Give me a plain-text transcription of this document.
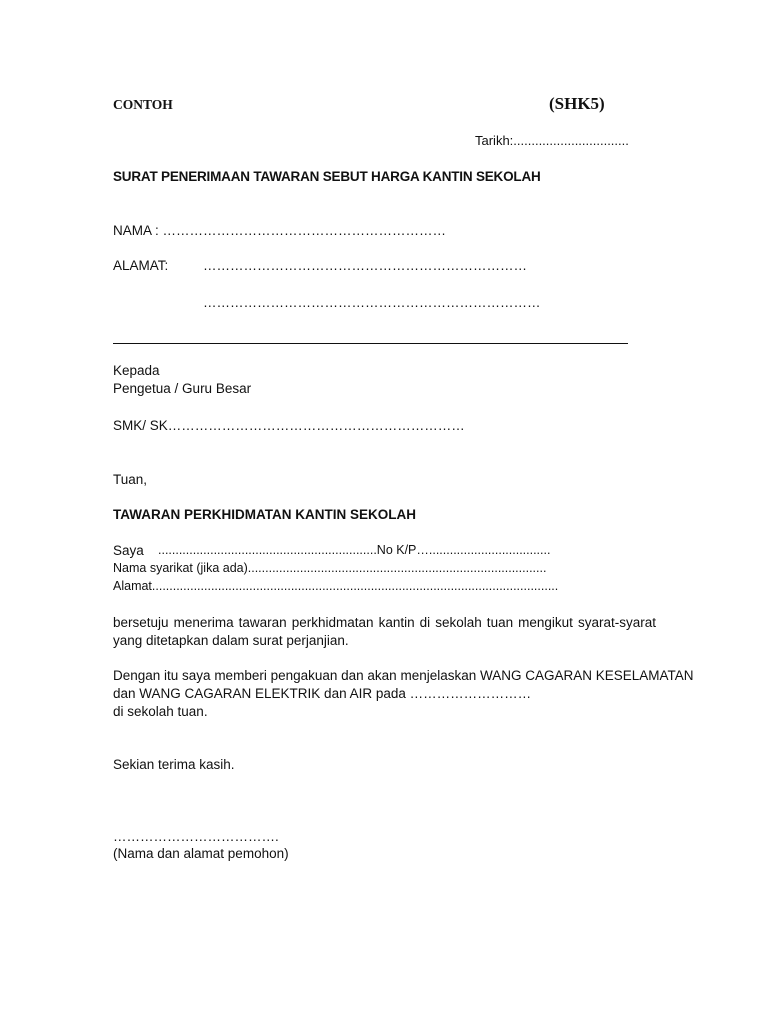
CONTOH	(SHK5)
Tarikh:................................
SURAT PENERIMAAN TAWARAN SEBUT HARGA KANTIN SEKOLAH
NAMA : ………………………………………………………
ALAMAT:	………………………………………………………………
…………………………………………………………………
Kepada
Pengetua / Guru Besar
SMK/ SK…………………………………………………………
Tuan,
TAWARAN PERKHIDMATAN KANTIN SEKOLAH
Saya ...............................................................No K/P…...................................
Nama syarikat (jika ada)......................................................................................
Alamat.....................................................................................................................
bersetuju menerima tawaran perkhidmatan kantin di sekolah tuan mengikut syarat-syarat yang ditetapkan dalam surat perjanjian.
Dengan itu saya memberi pengakuan dan akan menjelaskan WANG CAGARAN KESELAMATAN
dan WANG CAGARAN ELEKTRIK dan AIR pada ………………………
di sekolah tuan.
Sekian terima kasih.
……………………………….
(Nama dan alamat pemohon)
